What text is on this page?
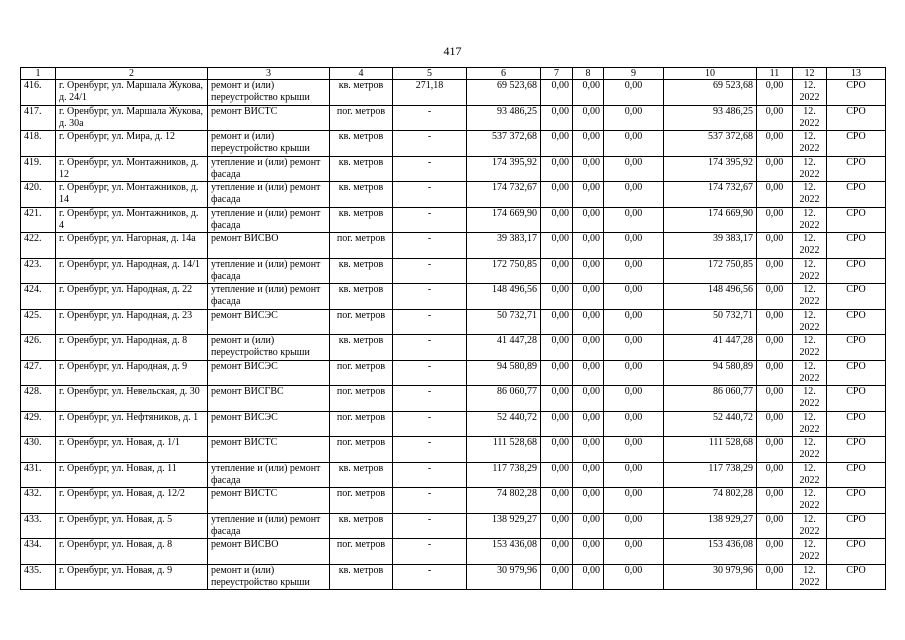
417
1	2	3	4	5	6	7	8	9	10	11	12	13
416.	г. Оренбург, ул. Маршала Жукова, д. 24/1	ремонт и (или) переустройство крыши	кв. метров	271,18	69 523,68	0,00	0,00	0,00	69 523,68	0,00	12. 2022	СРО
417.	г. Оренбург, ул. Маршала Жукова, д. 30а	ремонт ВИСТС	пог. метров	-	93 486,25	0,00	0,00	0,00	93 486,25	0,00	12. 2022	СРО
418.	г. Оренбург, ул. Мира, д. 12	ремонт и (или) переустройство крыши	кв. метров	-	537 372,68	0,00	0,00	0,00	537 372,68	0,00	12. 2022	СРО
419.	г. Оренбург, ул. Монтажников, д. 12	утепление и (или) ремонт фасада	кв. метров	-	174 395,92	0,00	0,00	0,00	174 395,92	0,00	12. 2022	СРО
420.	г. Оренбург, ул. Монтажников, д. 14	утепление и (или) ремонт фасада	кв. метров	-	174 732,67	0,00	0,00	0,00	174 732,67	0,00	12. 2022	СРО
421.	г. Оренбург, ул. Монтажников, д. 4	утепление и (или) ремонт фасада	кв. метров	-	174 669,90	0,00	0,00	0,00	174 669,90	0,00	12. 2022	СРО
422.	г. Оренбург, ул. Нагорная, д. 14а	ремонт ВИСВО	пог. метров	-	39 383,17	0,00	0,00	0,00	39 383,17	0,00	12. 2022	СРО
423.	г. Оренбург, ул. Народная, д. 14/1	утепление и (или) ремонт фасада	кв. метров	-	172 750,85	0,00	0,00	0,00	172 750,85	0,00	12. 2022	СРО
424.	г. Оренбург, ул. Народная, д. 22	утепление и (или) ремонт фасада	кв. метров	-	148 496,56	0,00	0,00	0,00	148 496,56	0,00	12. 2022	СРО
425.	г. Оренбург, ул. Народная, д. 23	ремонт ВИСЭС	пог. метров	-	50 732,71	0,00	0,00	0,00	50 732,71	0,00	12. 2022	СРО
426.	г. Оренбург, ул. Народная, д. 8	ремонт и (или) переустройство крыши	кв. метров	-	41 447,28	0,00	0,00	0,00	41 447,28	0,00	12. 2022	СРО
427.	г. Оренбург, ул. Народная, д. 9	ремонт ВИСЭС	пог. метров	-	94 580,89	0,00	0,00	0,00	94 580,89	0,00	12. 2022	СРО
428.	г. Оренбург, ул. Невельская, д. 30	ремонт ВИСГВС	пог. метров	-	86 060,77	0,00	0,00	0,00	86 060,77	0,00	12. 2022	СРО
429.	г. Оренбург, ул. Нефтяников, д. 1	ремонт ВИСЭС	пог. метров	-	52 440,72	0,00	0,00	0,00	52 440,72	0,00	12. 2022	СРО
430.	г. Оренбург, ул. Новая, д. 1/1	ремонт ВИСТС	пог. метров	-	111 528,68	0,00	0,00	0,00	111 528,68	0,00	12. 2022	СРО
431.	г. Оренбург, ул. Новая, д. 11	утепление и (или) ремонт фасада	кв. метров	-	117 738,29	0,00	0,00	0,00	117 738,29	0,00	12. 2022	СРО
432.	г. Оренбург, ул. Новая, д. 12/2	ремонт ВИСТС	пог. метров	-	74 802,28	0,00	0,00	0,00	74 802,28	0,00	12. 2022	СРО
433.	г. Оренбург, ул. Новая, д. 5	утепление и (или) ремонт фасада	кв. метров	-	138 929,27	0,00	0,00	0,00	138 929,27	0,00	12. 2022	СРО
434.	г. Оренбург, ул. Новая, д. 8	ремонт ВИСВО	пог. метров	-	153 436,08	0,00	0,00	0,00	153 436,08	0,00	12. 2022	СРО
435.	г. Оренбург, ул. Новая, д. 9	ремонт и (или) переустройство крыши	кв. метров	-	30 979,96	0,00	0,00	0,00	30 979,96	0,00	12. 2022	СРО
